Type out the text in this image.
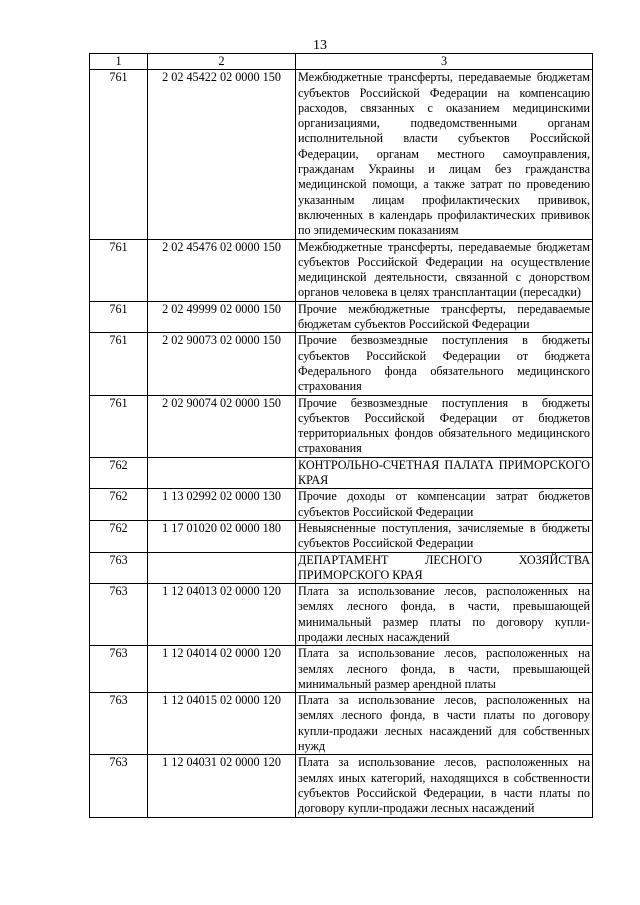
13
1	2	3
761	2 02 45422 02 0000 150	Межбюджетные трансферты, передаваемые бюджетам субъектов Российской Федерации на компенсацию расходов, связанных с оказанием медицинскими организациями, подведомственными органам исполнительной власти субъектов Российской Федерации, органам местного самоуправления, гражданам Украины и лицам без гражданства медицинской помощи, а также затрат по проведению указанным лицам профилактических прививок, включенных в календарь профилактических прививок по эпидемическим показаниям
761	2 02 45476 02 0000 150	Межбюджетные трансферты, передаваемые бюджетам субъектов Российской Федерации на осуществление медицинской деятельности, связанной с донорством органов человека в целях трансплантации (пересадки)
761	2 02 49999 02 0000 150	Прочие межбюджетные трансферты, передаваемые бюджетам субъектов Российской Федерации
761	2 02 90073 02 0000 150	Прочие безвозмездные поступления в бюджеты субъектов Российской Федерации от бюджета Федерального фонда обязательного медицинского страхования
761	2 02 90074 02 0000 150	Прочие безвозмездные поступления в бюджеты субъектов Российской Федерации от бюджетов территориальных фондов обязательного медицинского страхования
762		КОНТРОЛЬНО-СЧЕТНАЯ ПАЛАТА ПРИМОРСКОГО КРАЯ
762	1 13 02992 02 0000 130	Прочие доходы от компенсации затрат бюджетов субъектов Российской Федерации
762	1 17 01020 02 0000 180	Невыясненные поступления, зачисляемые в бюджеты субъектов Российской Федерации
763		ДЕПАРТАМЕНТ ЛЕСНОГО ХОЗЯЙСТВА ПРИМОРСКОГО КРАЯ
763	1 12 04013 02 0000 120	Плата за использование лесов, расположенных на землях лесного фонда, в части, превышающей минимальный размер платы по договору купли-продажи лесных насаждений
763	1 12 04014 02 0000 120	Плата за использование лесов, расположенных на землях лесного фонда, в части, превышающей минимальный размер арендной платы
763	1 12 04015 02 0000 120	Плата за использование лесов, расположенных на землях лесного фонда, в части платы по договору купли-продажи лесных насаждений для собственных нужд
763	1 12 04031 02 0000 120	Плата за использование лесов, расположенных на землях иных категорий, находящихся в собственности субъектов Российской Федерации, в части платы по договору купли-продажи лесных насаждений
